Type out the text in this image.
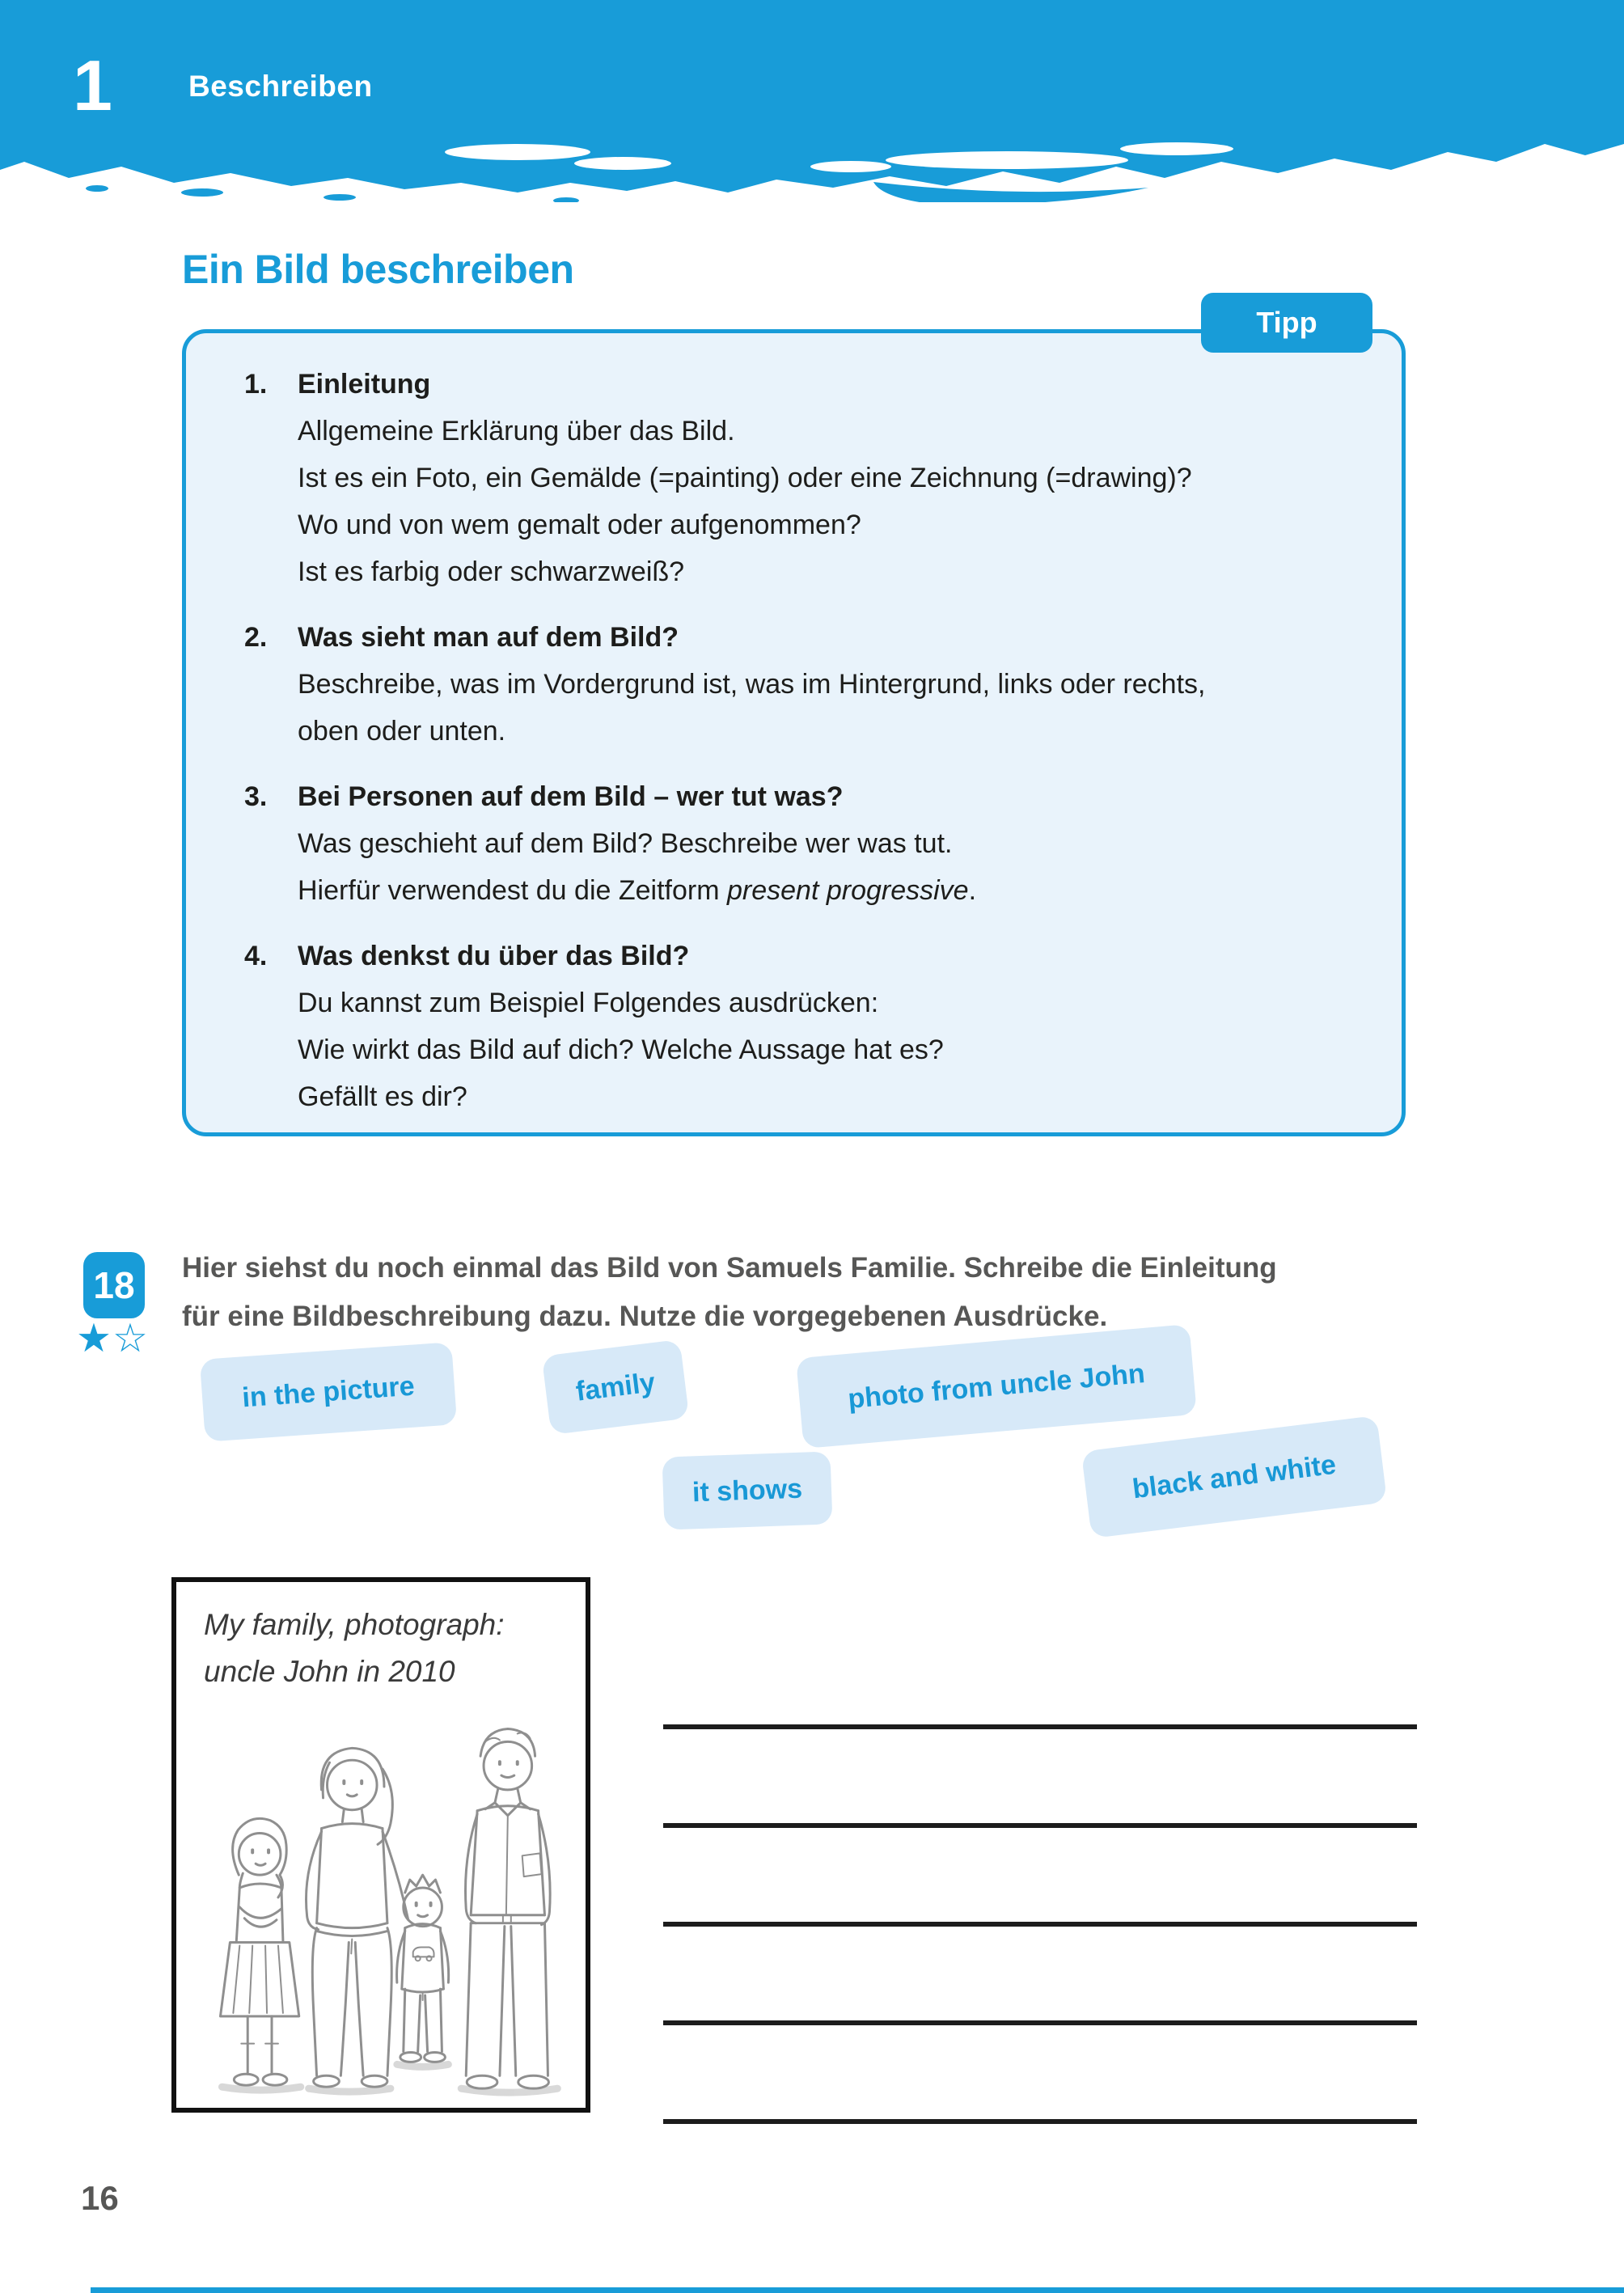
1	Beschreiben
Ein Bild beschreiben
Tipp
1.	Einleitung
Allgemeine Erklärung über das Bild.
Ist es ein Foto, ein Gemälde (=painting) oder eine Zeichnung (=drawing)?
Wo und von wem gemalt oder aufgenommen?
Ist es farbig oder schwarzweiß?
2.	Was sieht man auf dem Bild?
Beschreibe, was im Vordergrund ist, was im Hintergrund, links oder rechts,
oben oder unten.
3.	Bei Personen auf dem Bild – wer tut was?
Was geschieht auf dem Bild? Beschreibe wer was tut.
Hierfür verwendest du die Zeitform present progressive.
4.	Was denkst du über das Bild?
Du kannst zum Beispiel Folgendes ausdrücken:
Wie wirkt das Bild auf dich? Welche Aussage hat es?
Gefällt es dir?
18
★☆
Hier siehst du noch einmal das Bild von Samuels Familie. Schreibe die Einleitung
für eine Bildbeschreibung dazu. Nutze die vorgegebenen Ausdrücke.
in the picture	family	photo from uncle John
it shows	black and white
My family, photograph:
uncle John in 2010
16
